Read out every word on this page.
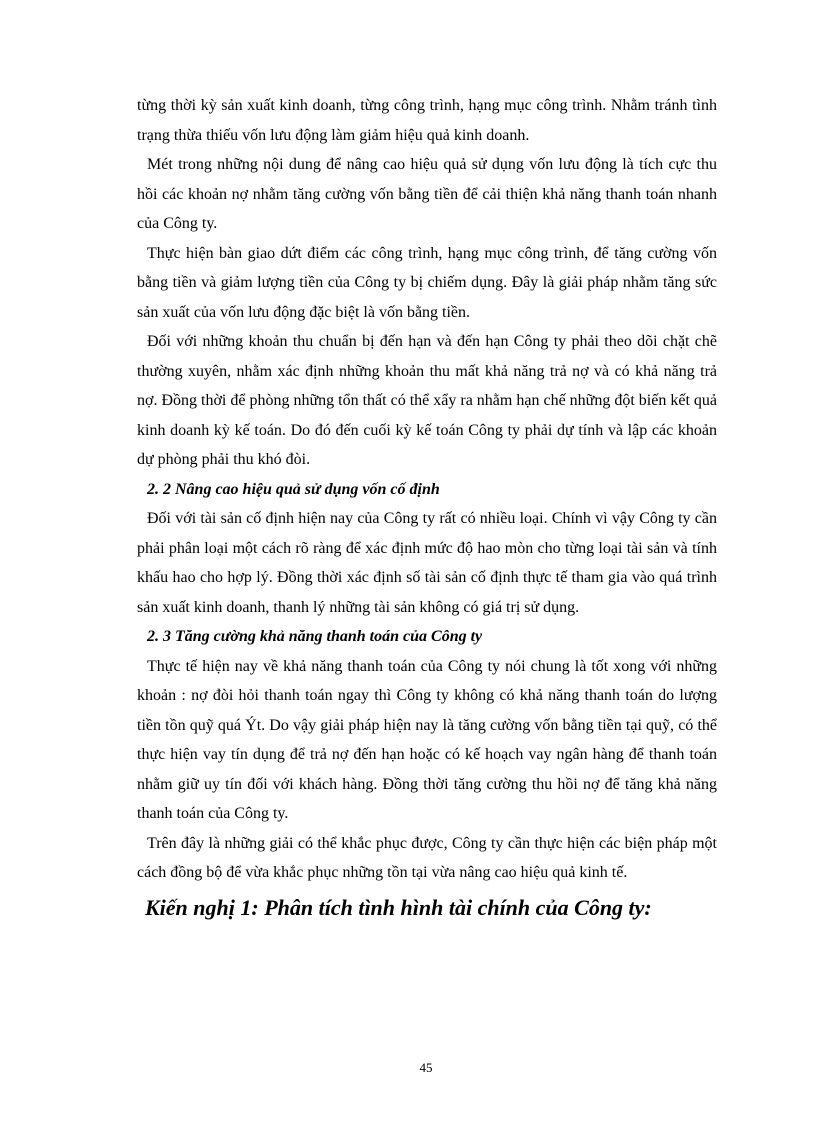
từng thời kỳ sản xuất kinh doanh, từng công trình, hạng mục công trình. Nhằm tránh tình trạng thừa thiếu vốn lưu động làm giảm hiệu quả kinh doanh.

Mét trong những nội dung để nâng cao hiệu quả sử dụng vốn lưu động là tích cực thu hồi các khoản nợ nhằm tăng cường vốn bằng tiền để cải thiện khả năng thanh toán nhanh của Công ty.

Thực hiện bàn giao dứt điểm các công trình, hạng mục công trình, để tăng cường vốn bằng tiền và giảm lượng tiền của Công ty bị chiếm dụng. Đây là giải pháp nhằm tăng sức sản xuất của vốn lưu động đặc biệt là vốn bằng tiền.

Đối với những khoản thu chuẩn bị đến hạn và đến hạn Công ty phải theo dõi chặt chẽ thường xuyên, nhằm xác định những khoản thu mất khả năng trả nợ và có khả năng trả nợ. Đồng thời để phòng những tổn thất có thể xẩy ra nhằm hạn chế những đột biến kết quả kinh doanh kỳ kế toán. Do đó đến cuối kỳ kế toán Công ty phải dự tính và lập các khoản dự phòng phải thu khó đòi.

2. 2 Nâng cao hiệu quả sử dụng vốn cố định

Đối với tài sản cố định hiện nay của Công ty rất có nhiều loại. Chính vì vậy Công ty cần phải phân loại một cách rõ ràng để xác định mức độ hao mòn cho từng loại tài sản và tính khấu hao cho hợp lý. Đồng thời xác định số tài sản cố định thực tế tham gia vào quá trình sản xuất kinh doanh, thanh lý những tài sản không có giá trị sử dụng.

2. 3 Tăng cường khả năng thanh toán của Công ty

Thực tế hiện nay về khả năng thanh toán của Công ty nói chung là tốt xong với những khoản : nợ đòi hỏi thanh toán ngay thì Công ty không có khả năng thanh toán do lượng tiền tồn quỹ quá Ýt. Do vậy giải pháp hiện nay là tăng cường vốn bằng tiền tại quỹ, có thể thực hiện vay tín dụng để trả nợ đến hạn hoặc có kế hoạch vay ngân hàng để thanh toán nhằm giữ uy tín đối với khách hàng. Đồng thời tăng cường thu hồi nợ để tăng khả năng thanh toán của Công ty.

Trên đây là những giải có thể khắc phục được, Công ty cần thực hiện các biện pháp một cách đồng bộ để vừa khắc phục những tồn tại vừa nâng cao hiệu quả kinh tế.

Kiến nghị 1: Phân tích tình hình tài chính của Công ty:

45
